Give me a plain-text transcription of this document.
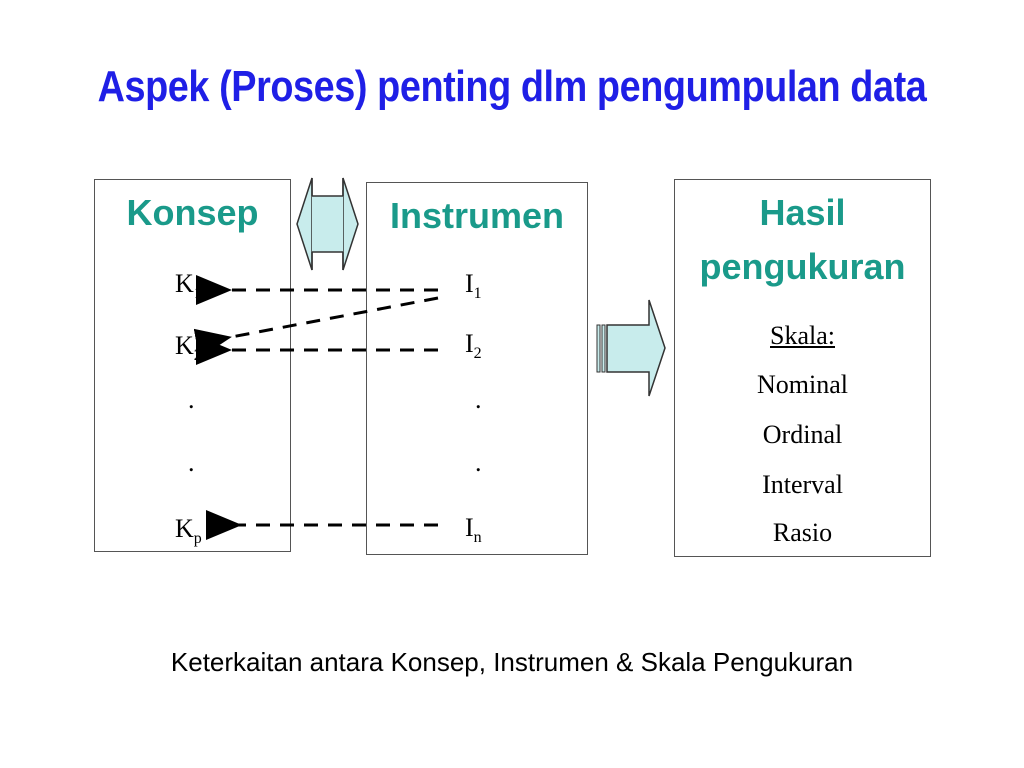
Aspek (Proses) penting dlm pengumpulan data
Konsep
$K_1$
$K_2$
.
.
$K_p$
Instrumen
$I_1$
$I_2$
.
.
$I_n$
Hasil
pengukuran
Skala:
Nominal
Ordinal
Interval
Rasio
Keterkaitan antara Konsep, Instrumen & Skala Pengukuran
